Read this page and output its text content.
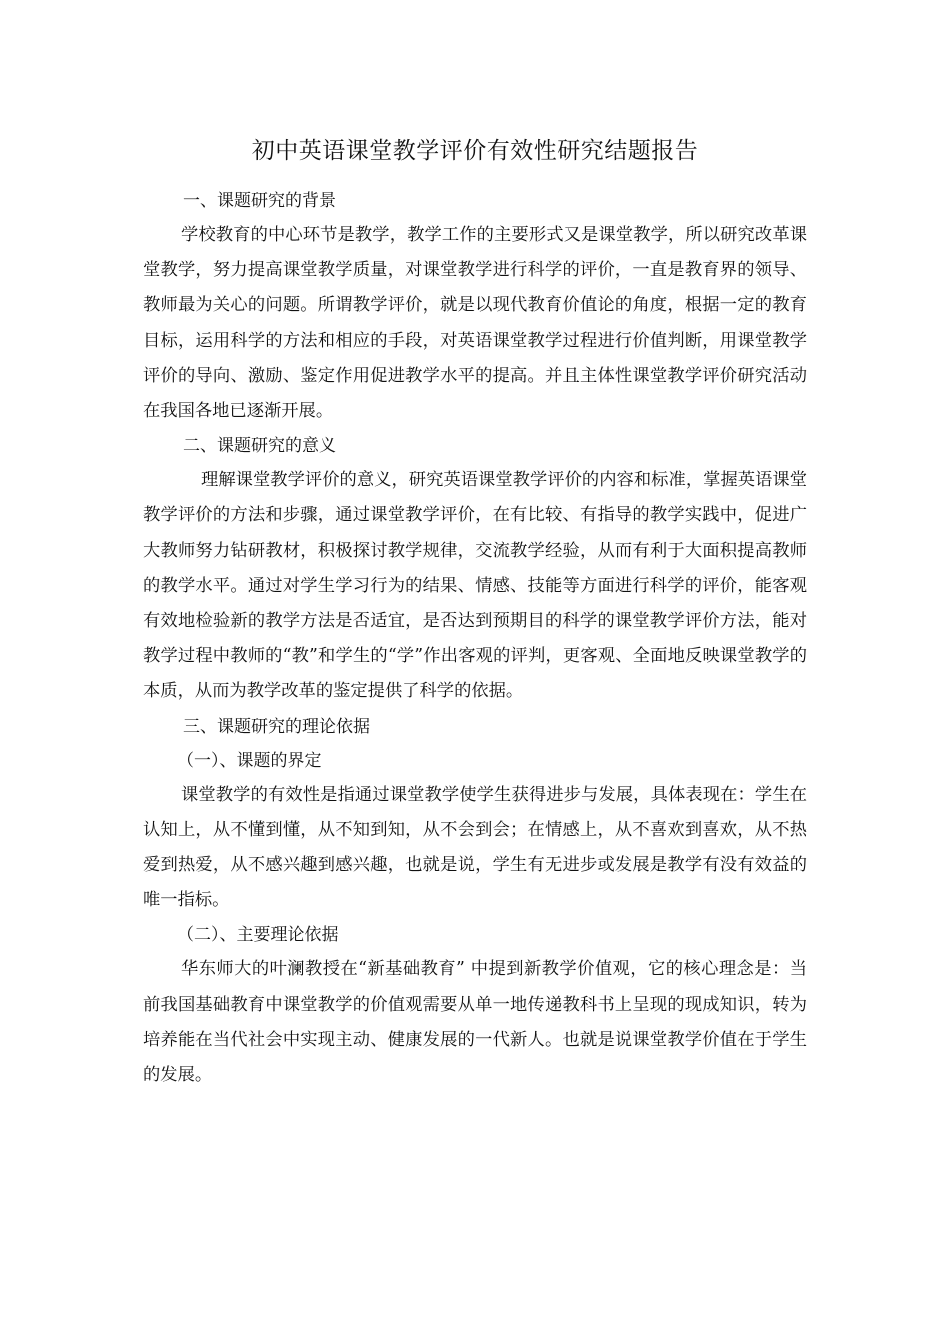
初中英语课堂教学评价有效性研究结题报告

一、课题研究的背景

学校教育的中心环节是教学，教学工作的主要形式又是课堂教学，所以研究改革课堂教学，努力提高课堂教学质量，对课堂教学进行科学的评价，一直是教育界的领导、教师最为关心的问题。所谓教学评价，就是以现代教育价值论的角度，根据一定的教育目标，运用科学的方法和相应的手段，对英语课堂教学过程进行价值判断，用课堂教学评价的导向、激励、鉴定作用促进教学水平的提高。并且主体性课堂教学评价研究活动在我国各地已逐渐开展。

二、课题研究的意义

理解课堂教学评价的意义，研究英语课堂教学评价的内容和标准，掌握英语课堂教学评价的方法和步骤，通过课堂教学评价，在有比较、有指导的教学实践中，促进广大教师努力钻研教材，积极探讨教学规律，交流教学经验，从而有利于大面积提高教师的教学水平。通过对学生学习行为的结果、情感、技能等方面进行科学的评价，能客观有效地检验新的教学方法是否适宜，是否达到预期目的科学的课堂教学评价方法，能对教学过程中教师的“教”和学生的“学”作出客观的评判，更客观、全面地反映课堂教学的本质，从而为教学改革的鉴定提供了科学的依据。

三、课题研究的理论依据

（一）、课题的界定

课堂教学的有效性是指通过课堂教学使学生获得进步与发展，具体表现在：学生在认知上，从不懂到懂，从不知到知，从不会到会；在情感上，从不喜欢到喜欢，从不热爱到热爱，从不感兴趣到感兴趣，也就是说，学生有无进步或发展是教学有没有效益的唯一指标。

（二）、主要理论依据

华东师大的叶澜教授在“新基础教育” 中提到新教学价值观，它的核心理念是：当前我国基础教育中课堂教学的价值观需要从单一地传递教科书上呈现的现成知识，转为培养能在当代社会中实现主动、健康发展的一代新人。也就是说课堂教学价值在于学生的发展。
